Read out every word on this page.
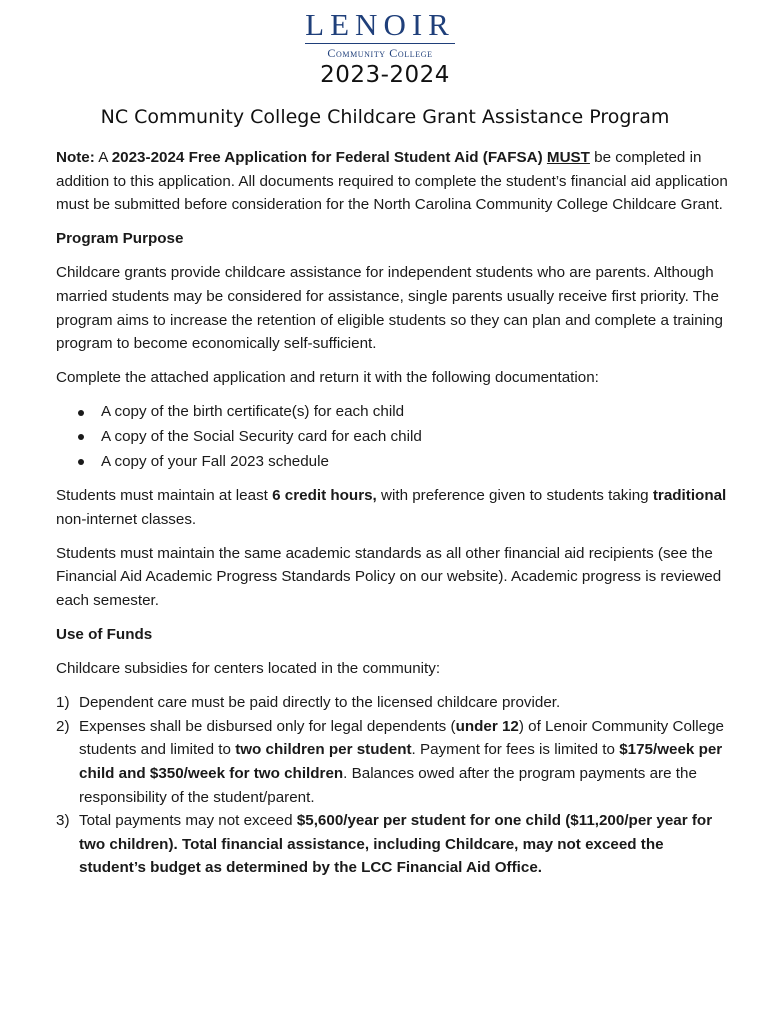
LENOIR
Community College
2023-2024
NC Community College Childcare Grant Assistance Program

Note: A 2023-2024 Free Application for Federal Student Aid (FAFSA) MUST be completed in addition to this application. All documents required to complete the student’s financial aid application must be submitted before consideration for the North Carolina Community College Childcare Grant.

Program Purpose

Childcare grants provide childcare assistance for independent students who are parents. Although married students may be considered for assistance, single parents usually receive first priority. The program aims to increase the retention of eligible students so they can plan and complete a training program to become economically self-sufficient.

Complete the attached application and return it with the following documentation:

A copy of the birth certificate(s) for each child
A copy of the Social Security card for each child
A copy of your Fall 2023 schedule

Students must maintain at least 6 credit hours, with preference given to students taking traditional non-internet classes.

Students must maintain the same academic standards as all other financial aid recipients (see the Financial Aid Academic Progress Standards Policy on our website). Academic progress is reviewed each semester.

Use of Funds

Childcare subsidies for centers located in the community:

1) Dependent care must be paid directly to the licensed childcare provider.
2) Expenses shall be disbursed only for legal dependents (under 12) of Lenoir Community College students and limited to two children per student. Payment for fees is limited to $175/week per child and $350/week for two children. Balances owed after the program payments are the responsibility of the student/parent.
3) Total payments may not exceed $5,600/year per student for one child ($11,200/per year for two children). Total financial assistance, including Childcare, may not exceed the student’s budget as determined by the LCC Financial Aid Office.
